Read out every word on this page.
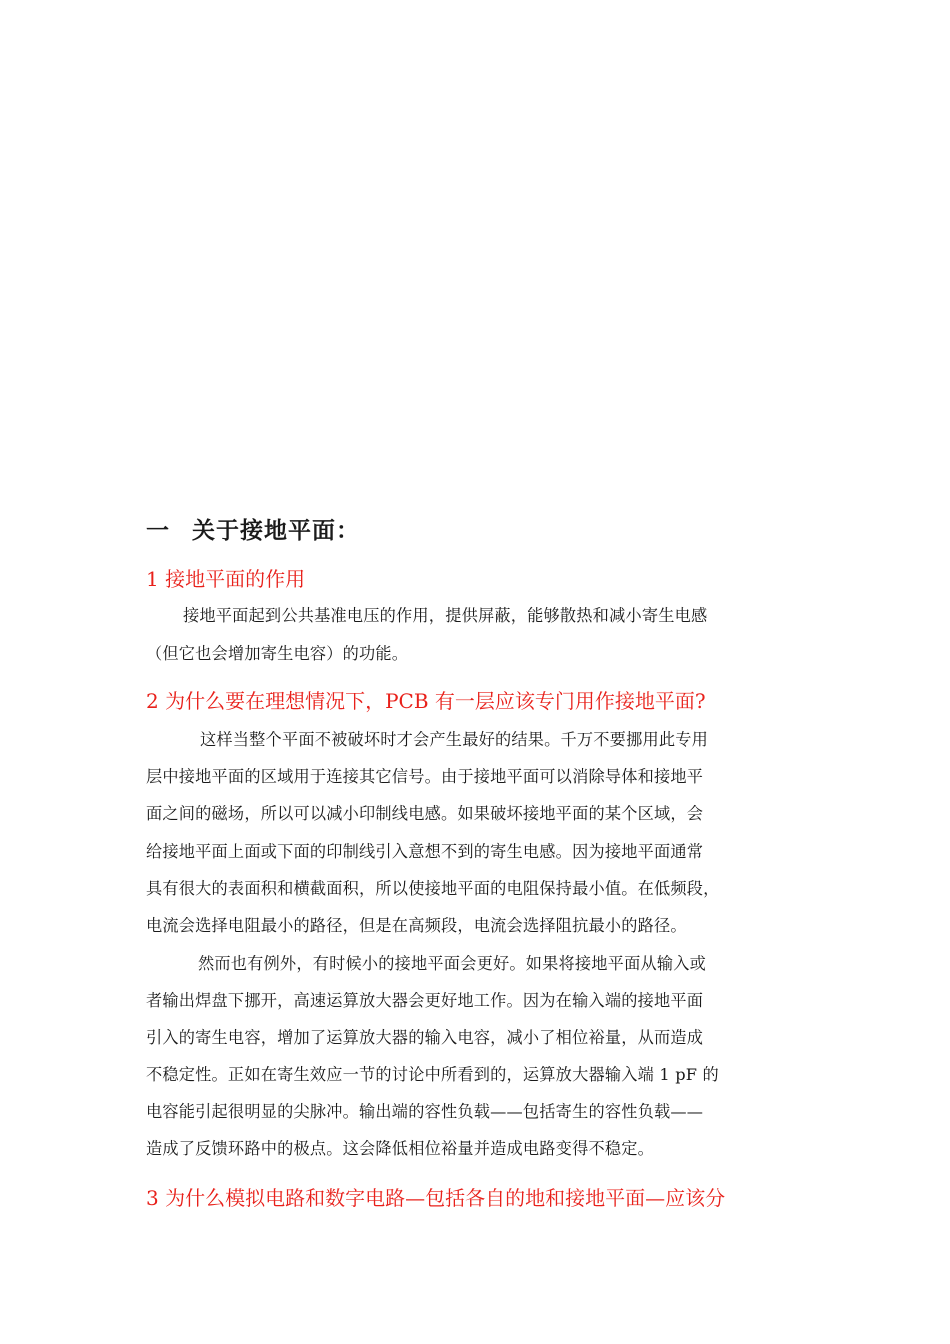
一 关于接地平面：
1 接地平面的作用
接地平面起到公共基准电压的作用，提供屏蔽，能够散热和减小寄生电感
（但它也会增加寄生电容）的功能。
2 为什么要在理想情况下，PCB 有一层应该专门用作接地平面?
这样当整个平面不被破坏时才会产生最好的结果。千万不要挪用此专用
层中接地平面的区域用于连接其它信号。由于接地平面可以消除导体和接地平
面之间的磁场，所以可以减小印制线电感。如果破坏接地平面的某个区域，会
给接地平面上面或下面的印制线引入意想不到的寄生电感。因为接地平面通常
具有很大的表面积和横截面积，所以使接地平面的电阻保持最小值。在低频段，
电流会选择电阻最小的路径，但是在高频段，电流会选择阻抗最小的路径。
然而也有例外，有时候小的接地平面会更好。如果将接地平面从输入或
者输出焊盘下挪开，高速运算放大器会更好地工作。因为在输入端的接地平面
引入的寄生电容，增加了运算放大器的输入电容，减小了相位裕量，从而造成
不稳定性。正如在寄生效应一节的讨论中所看到的，运算放大器输入端 1 pF 的
电容能引起很明显的尖脉冲。输出端的容性负载——包括寄生的容性负载——
造成了反馈环路中的极点。这会降低相位裕量并造成电路变得不稳定。
3 为什么模拟电路和数字电路—包括各自的地和接地平面—应该分
